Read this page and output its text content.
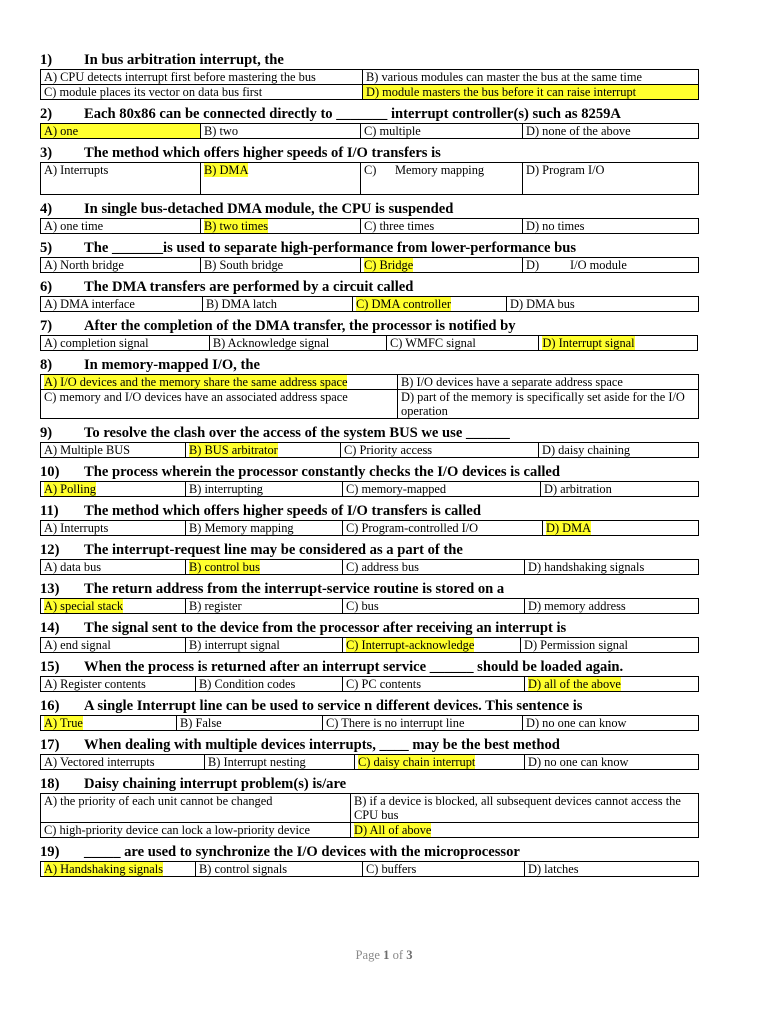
1)	In bus arbitration interrupt, the
A) CPU detects interrupt first before mastering the bus	B) various modules can master the bus at the same time
C) module places its vector on data bus first	D) module masters the bus before it can raise interrupt
2)	Each 80x86 can be connected directly to _______ interrupt controller(s) such as 8259A
A) one	B) two	C) multiple	D) none of the above
3)	The method which offers higher speeds of I/O transfers is
A) Interrupts	B) DMA	C)      Memory mapping	D) Program I/O
4)	In single bus-detached DMA module, the CPU is suspended
A) one time	B) two times	C) three times	D) no times
5)	The _______is used to separate high-performance from lower-performance bus
A) North bridge	B) South bridge	C) Bridge	D)          I/O module
6)	The DMA transfers are performed by a circuit called
A) DMA interface	B) DMA latch	C) DMA controller	D) DMA bus
7)	After the completion of the DMA transfer, the processor is notified by
A) completion signal	B) Acknowledge signal	C) WMFC signal	D) Interrupt signal
8)	In memory-mapped I/O, the
A) I/O devices and the memory share the same address space	B) I/O devices have a separate address space
C) memory and I/O devices have an associated address space	D) part of the memory is specifically set aside for the I/O operation
9)	To resolve the clash over the access of the system BUS we use ______
A) Multiple BUS	B) BUS arbitrator	C) Priority access	D) daisy chaining
10)	The process wherein the processor constantly checks the I/O devices is called
A) Polling	B) interrupting	C) memory-mapped	D) arbitration
11)	The method which offers higher speeds of I/O transfers is called
A) Interrupts	B) Memory mapping	C) Program-controlled I/O	D) DMA
12)	The interrupt-request line may be considered as a part of the
A) data bus	B) control bus	C) address bus	D) handshaking signals
13)	The return address from the interrupt-service routine is stored on a
A) special stack	B) register	C) bus	D) memory address
14)	The signal sent to the device from the processor after receiving an interrupt is
A) end signal	B) interrupt signal	C) Interrupt-acknowledge	D) Permission signal
15)	When the process is returned after an interrupt service ______ should be loaded again.
A) Register contents	B) Condition codes	C) PC contents	D) all of the above
16)	A single Interrupt line can be used to service n different devices. This sentence is
A) True	B) False	C) There is no interrupt line	D) no one can know
17)	When dealing with multiple devices interrupts, ____ may be the best method
A) Vectored interrupts	B) Interrupt nesting	C) daisy chain interrupt	D) no one can know
18)	Daisy chaining interrupt problem(s) is/are
A) the priority of each unit cannot be changed	B) if a device is blocked, all subsequent devices cannot access the CPU bus
C) high-priority device can lock a low-priority device	D) All of above
19)	_____ are used to synchronize the I/O devices with the microprocessor
A) Handshaking signals	B) control signals	C) buffers	D) latches
Page 1 of 3
